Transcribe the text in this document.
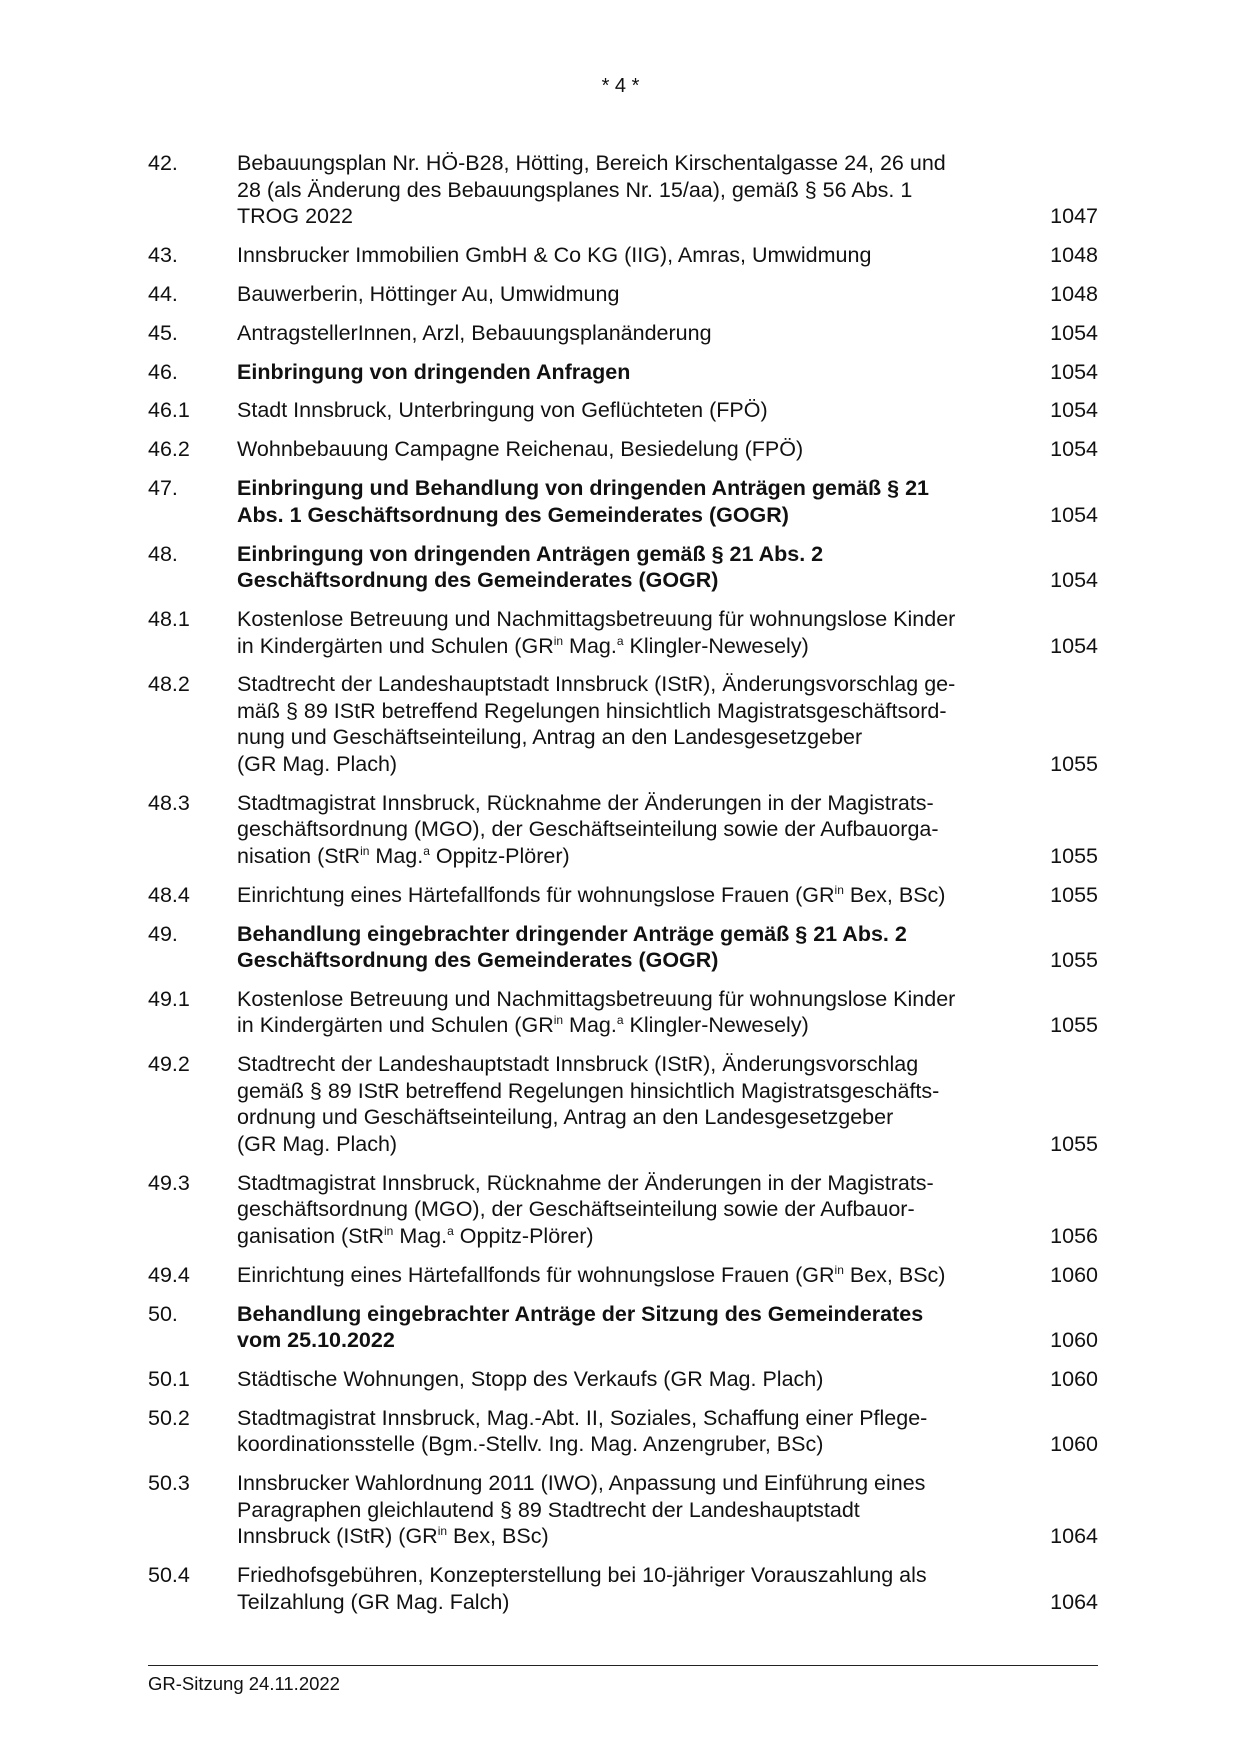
* 4 *
42.	Bebauungsplan Nr. HÖ-B28, Hötting, Bereich Kirschentalgasse 24, 26 und
28 (als Änderung des Bebauungsplanes Nr. 15/aa), gemäß § 56 Abs. 1
TROG 2022	1047
43.	Innsbrucker Immobilien GmbH & Co KG (IIG), Amras, Umwidmung	1048
44.	Bauwerberin, Höttinger Au, Umwidmung	1048
45.	AntragstellerInnen, Arzl, Bebauungsplanänderung	1054
46.	Einbringung von dringenden Anfragen	1054
46.1 Stadt Innsbruck, Unterbringung von Geflüchteten (FPÖ)	1054
46.2 Wohnbebauung Campagne Reichenau, Besiedelung (FPÖ)	1054
47.	Einbringung und Behandlung von dringenden Anträgen gemäß § 21
Abs. 1 Geschäftsordnung des Gemeinderates (GOGR)	1054
48.	Einbringung von dringenden Anträgen gemäß § 21 Abs. 2
Geschäftsordnung des Gemeinderates (GOGR)	1054
48.1 Kostenlose Betreuung und Nachmittagsbetreuung für wohnungslose Kinder
in Kindergärten und Schulen ($GR^{in}$ Mag.$^a$ Klingler-Newesely)	1054
48.2 Stadtrecht der Landeshauptstadt Innsbruck (IStR), Änderungsvorschlag ge-
mäß § 89 IStR betreffend Regelungen hinsichtlich Magistratsgeschäftsord-
nung und Geschäftseinteilung, Antrag an den Landesgesetzgeber
(GR Mag. Plach)	1055
48.3 Stadtmagistrat Innsbruck, Rücknahme der Änderungen in der Magistrats-
geschäftsordnung (MGO), der Geschäftseinteilung sowie der Aufbauorga-
nisation (StR$^{in}$ Mag.$^a$ Oppitz-Plörer)	1055
48.4 Einrichtung eines Härtefallfonds für wohnungslose Frauen ($GR^{in}$ Bex, BSc)	1055
49.	Behandlung eingebrachter dringender Anträge gemäß § 21 Abs. 2
Geschäftsordnung des Gemeinderates (GOGR)	1055
49.1 Kostenlose Betreuung und Nachmittagsbetreuung für wohnungslose Kinder
in Kindergärten und Schulen ($GR^{in}$ Mag.$^a$ Klingler-Newesely)	1055
49.2 Stadtrecht der Landeshauptstadt Innsbruck (IStR), Änderungsvorschlag
gemäß § 89 IStR betreffend Regelungen hinsichtlich Magistratsgeschäfts-
ordnung und Geschäftseinteilung, Antrag an den Landesgesetzgeber
(GR Mag. Plach)	1055
49.3 Stadtmagistrat Innsbruck, Rücknahme der Änderungen in der Magistrats-
geschäftsordnung (MGO), der Geschäftseinteilung sowie der Aufbauor-
ganisation (StR$^{in}$ Mag.$^a$ Oppitz-Plörer)	1056
49.4 Einrichtung eines Härtefallfonds für wohnungslose Frauen ($GR^{in}$ Bex, BSc)	1060
50.	Behandlung eingebrachter Anträge der Sitzung des Gemeinderates
vom 25.10.2022	1060
50.1 Städtische Wohnungen, Stopp des Verkaufs (GR Mag. Plach)	1060
50.2 Stadtmagistrat Innsbruck, Mag.-Abt. II, Soziales, Schaffung einer Pflege-
koordinationsstelle (Bgm.-Stellv. Ing. Mag. Anzengruber, BSc)	1060
50.3 Innsbrucker Wahlordnung 2011 (IWO), Anpassung und Einführung eines
Paragraphen gleichlautend § 89 Stadtrecht der Landeshauptstadt
Innsbruck (IStR) ($GR^{in}$ Bex, BSc)	1064
50.4 Friedhofsgebühren, Konzepterstellung bei 10-jähriger Vorauszahlung als
Teilzahlung (GR Mag. Falch)	1064
GR-Sitzung 24.11.2022
